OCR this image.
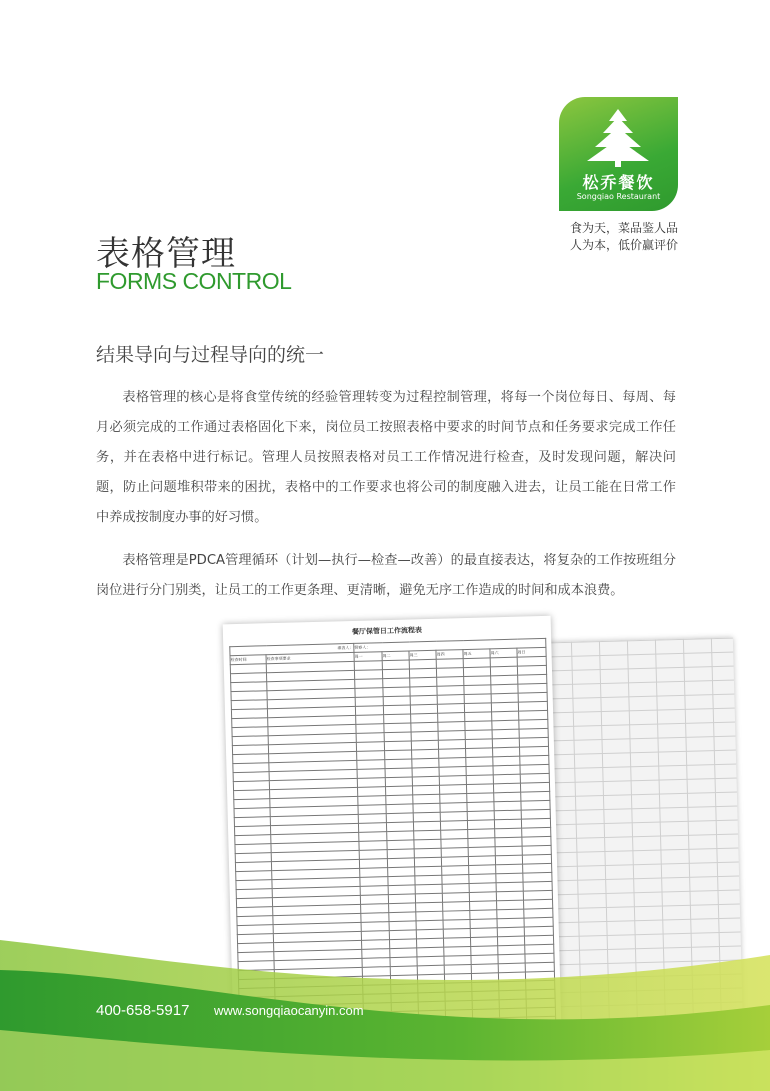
松乔餐饮
Songqiao Restaurant
食为天，菜品鉴人品
人为本，低价赢评价
表格管理
FORMS CONTROL
结果导向与过程导向的统一

表格管理的核心是将食堂传统的经验管理转变为过程控制管理，将每一个岗位每日、每周、每月必须完成的工作通过表格固化下来，岗位员工按照表格中要求的时间节点和任务要求完成工作任务，并在表格中进行标记。管理人员按照表格对员工工作情况进行检查，及时发现问题，解决问题，防止问题堆积带来的困扰，表格中的工作要求也将公司的制度融入进去，让员工能在日常工作中养成按制度办事的好习惯。

表格管理是PDCA管理循环（计划—执行—检查—改善）的最直接表达，将复杂的工作按班组分岗位进行分门别类，让员工的工作更条理、更清晰，避免无序工作造成的时间和成本浪费。

餐厅保管日工作流程表
填表人：		督察人：						
检查时间	检查事项要求	周一	周二	周三	周四	周五	周六	周日

400-658-5917 www.songqiaocanyin.com
